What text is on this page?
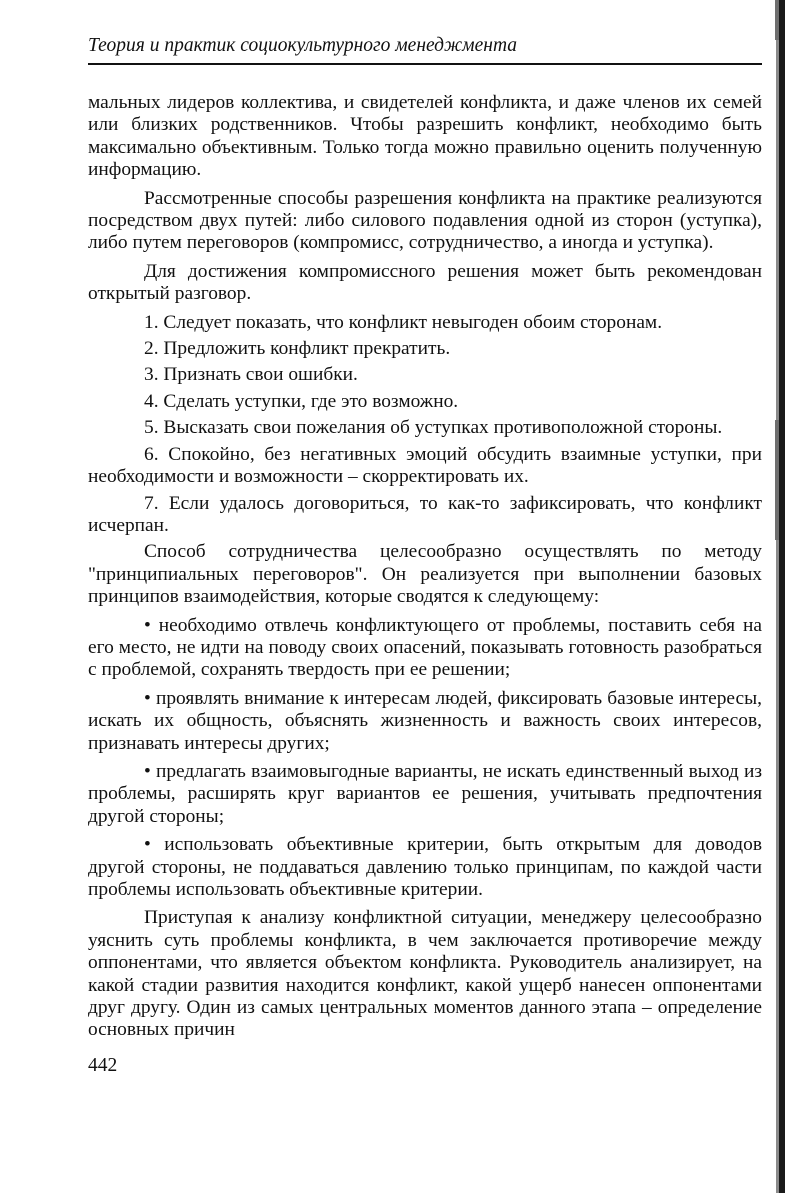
Теория и практик социокультурного менеджмента

мальных лидеров коллектива, и свидетелей конфликта, и даже членов их семей или близких родственников. Чтобы разрешить конфликт, необходимо быть максимально объективным. Только тогда можно правильно оценить полученную информацию.

Рассмотренные способы разрешения конфликта на практике реализуются посредством двух путей: либо силового подавления одной из сторон (уступка), либо путем переговоров (компромисс, сотрудничество, а иногда и уступка).

Для достижения компромиссного решения может быть рекомендован открытый разговор.

1. Следует показать, что конфликт невыгоден обоим сторонам.

2. Предложить конфликт прекратить.

3. Признать свои ошибки.

4. Сделать уступки, где это возможно.

5. Высказать свои пожелания об уступках противоположной стороны.

6. Спокойно, без негативных эмоций обсудить взаимные уступки, при необходимости и возможности – скорректировать их.

7. Если удалось договориться, то как-то зафиксировать, что конфликт исчерпан.

Способ сотрудничества целесообразно осуществлять по методу "принципиальных переговоров". Он реализуется при выполнении базовых принципов взаимодействия, которые сводятся к следующему:

• необходимо отвлечь конфликтующего от проблемы, поставить себя на его место, не идти на поводу своих опасений, показывать готовность разобраться с проблемой, сохранять твердость при ее решении;

• проявлять внимание к интересам людей, фиксировать базовые интересы, искать их общность, объяснять жизненность и важность своих интересов, признавать интересы других;

• предлагать взаимовыгодные варианты, не искать единственный выход из проблемы, расширять круг вариантов ее решения, учитывать предпочтения другой стороны;

• использовать объективные критерии, быть открытым для доводов другой стороны, не поддаваться давлению только принципам, по каждой части проблемы использовать объективные критерии.

Приступая к анализу конфликтной ситуации, менеджеру целесообразно уяснить суть проблемы конфликта, в чем заключается противоречие между оппонентами, что является объектом конфликта. Руководитель анализирует, на какой стадии развития находится конфликт, какой ущерб нанесен оппонентами друг другу. Один из самых центральных моментов данного этапа – определение основных причин

442
